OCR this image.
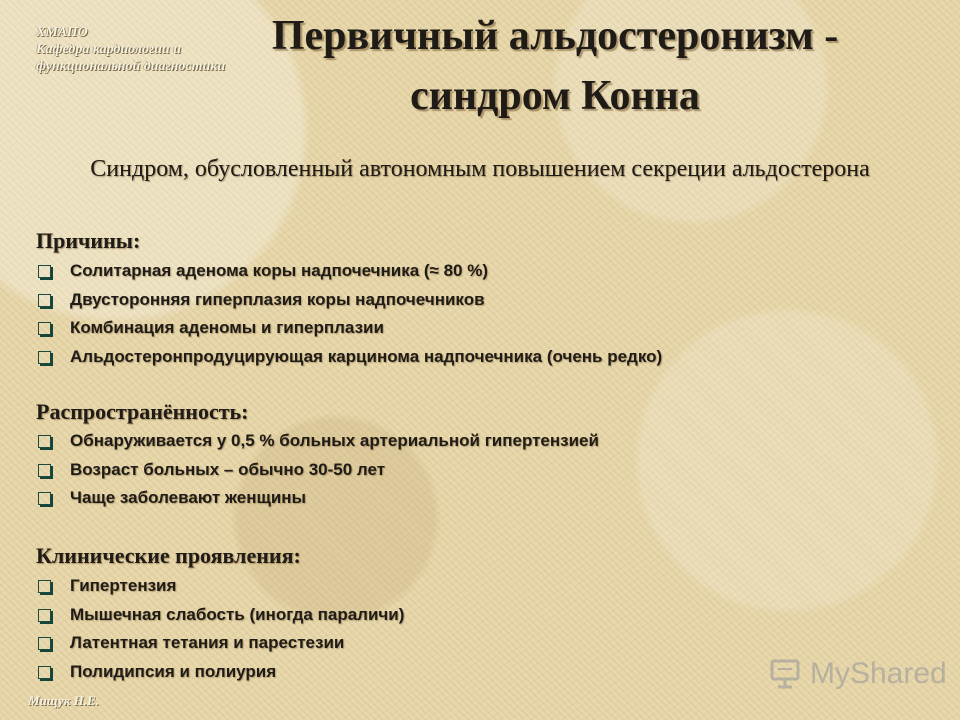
ХМАПО
Кафедра кардиологии и
функциональной диагностики
Первичный альдостеронизм -
синдром Конна
Синдром, обусловленный автономным повышением секреции альдостерона
Причины:
Солитарная аденома коры надпочечника (≈ 80 %)
Двусторонняя гиперплазия коры надпочечников
Комбинация аденомы и гиперплазии
Альдостеронпродуцирующая карцинома надпочечника (очень редко)
Распространённость:
Обнаруживается у 0,5 % больных артериальной гипертензией
Возраст больных – обычно 30-50 лет
Чаще заболевают женщины
Клинические проявления:
Гипертензия
Мышечная слабость (иногда параличи)
Латентная тетания и парестезии
Полидипсия и полиурия
Мищук Н.Е.
MyShared
